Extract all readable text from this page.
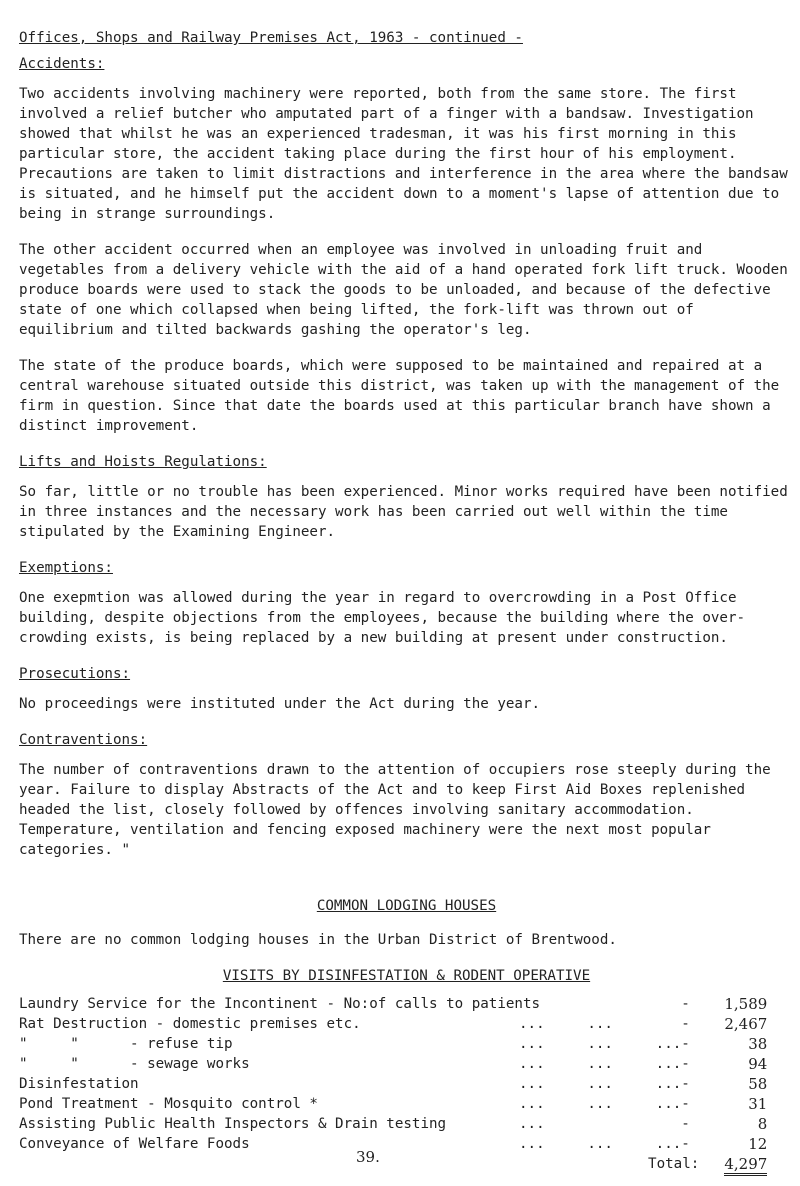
Offices, Shops and Railway Premises Act, 1963 - continued -
Accidents:

Two accidents involving machinery were reported, both from the same store. The first involved a relief butcher who amputated part of a finger with a bandsaw. Investigation showed that whilst he was an experienced tradesman, it was his first morning in this particular store, the accident taking place during the first hour of his employment. Precautions are taken to limit distractions and interference in the area where the bandsaw is situated, and he himself put the accident down to a moment's lapse of attention due to being in strange surroundings.

The other accident occurred when an employee was involved in unloading fruit and vegetables from a delivery vehicle with the aid of a hand operated fork lift truck. Wooden produce boards were used to stack the goods to be unloaded, and because of the defective state of one which collapsed when being lifted, the fork-lift was thrown out of equilibrium and tilted backwards gashing the operator's leg.

The state of the produce boards, which were supposed to be maintained and repaired at a central warehouse situated outside this district, was taken up with the management of the firm in question. Since that date the boards used at this particular branch have shown a distinct improvement.

Lifts and Hoists Regulations:

So far, little or no trouble has been experienced. Minor works required have been notified in three instances and the necessary work has been carried out well within the time stipulated by the Examining Engineer.

Exemptions:

One exepmtion was allowed during the year in regard to overcrowding in a Post Office building, despite objections from the employees, because the building where the over-crowding exists, is being replaced by a new building at present under construction.

Prosecutions:

No proceedings were instituted under the Act during the year.

Contraventions:

The number of contraventions drawn to the attention of occupiers rose steeply during the year. Failure to display Abstracts of the Act and to keep First Aid Boxes replenished headed the list, closely followed by offences involving sanitary accommodation. Temperature, ventilation and fencing exposed machinery were the next most popular categories. "

COMMON LODGING HOUSES

There are no common lodging houses in the Urban District of Brentwood.

VISITS BY DISINFESTATION & RODENT OPERATIVE
Laundry Service for the Incontinent - No:of calls to patients		-	1,589
Rat Destruction - domestic premises etc.	...     ...	-	2,467
"     "      - refuse tip	...     ...     ...	-	38
"     "      - sewage works	...     ...     ...	-	94
Disinfestation	...     ...     ...	-	58
Pond Treatment - Mosquito control *	...     ...     ...	-	31
Assisting Public Health Inspectors & Drain testing	...	-	8
Conveyance of Welfare Foods	...     ...     ...	-	12
	Total:		4,297
39.
